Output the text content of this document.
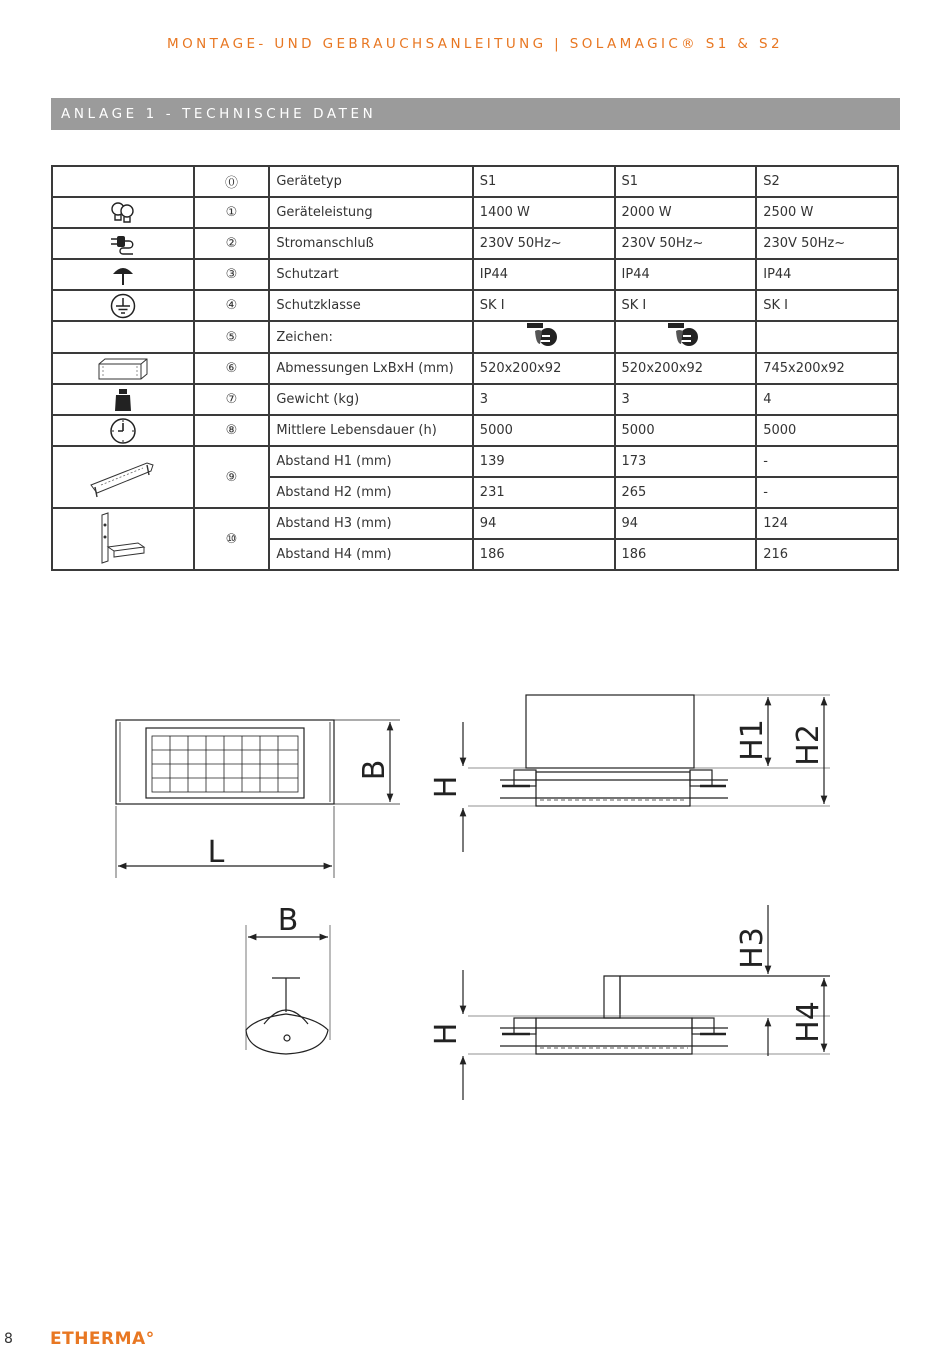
MONTAGE- UND GEBRAUCHSANLEITUNG | SOLAMAGIC® S1 & S2
ANLAGE 1 - TECHNISCHE DATEN
	⓪	Gerätetyp	S1	S1	S2

	①	Geräteleistung	1400 W	2000 W	2500 W

	②	Stromanschluß	230V 50Hz~	230V 50Hz~	230V 50Hz~

	③	Schutzart	IP44	IP44	IP44

	④	Schutzklasse	SK I	SK I	SK I
	⑤	Zeichen:			

	⑥	Abmessungen LxBxH (mm)	520x200x92	520x200x92	745x200x92

	⑦	Gewicht (kg)	3	3	4

	⑧	Mittlere Lebensdauer (h)	5000	5000	5000

	⑨	Abstand H1 (mm)	139	173	-
		Abstand H2 (mm)	231	265	-

	⑩	Abstand H3 (mm)	94	94	124
		Abstand H4 (mm)	186	186	216
B
L
H
H1 H2
B
H
H3
H4
8 ETHERMA°
